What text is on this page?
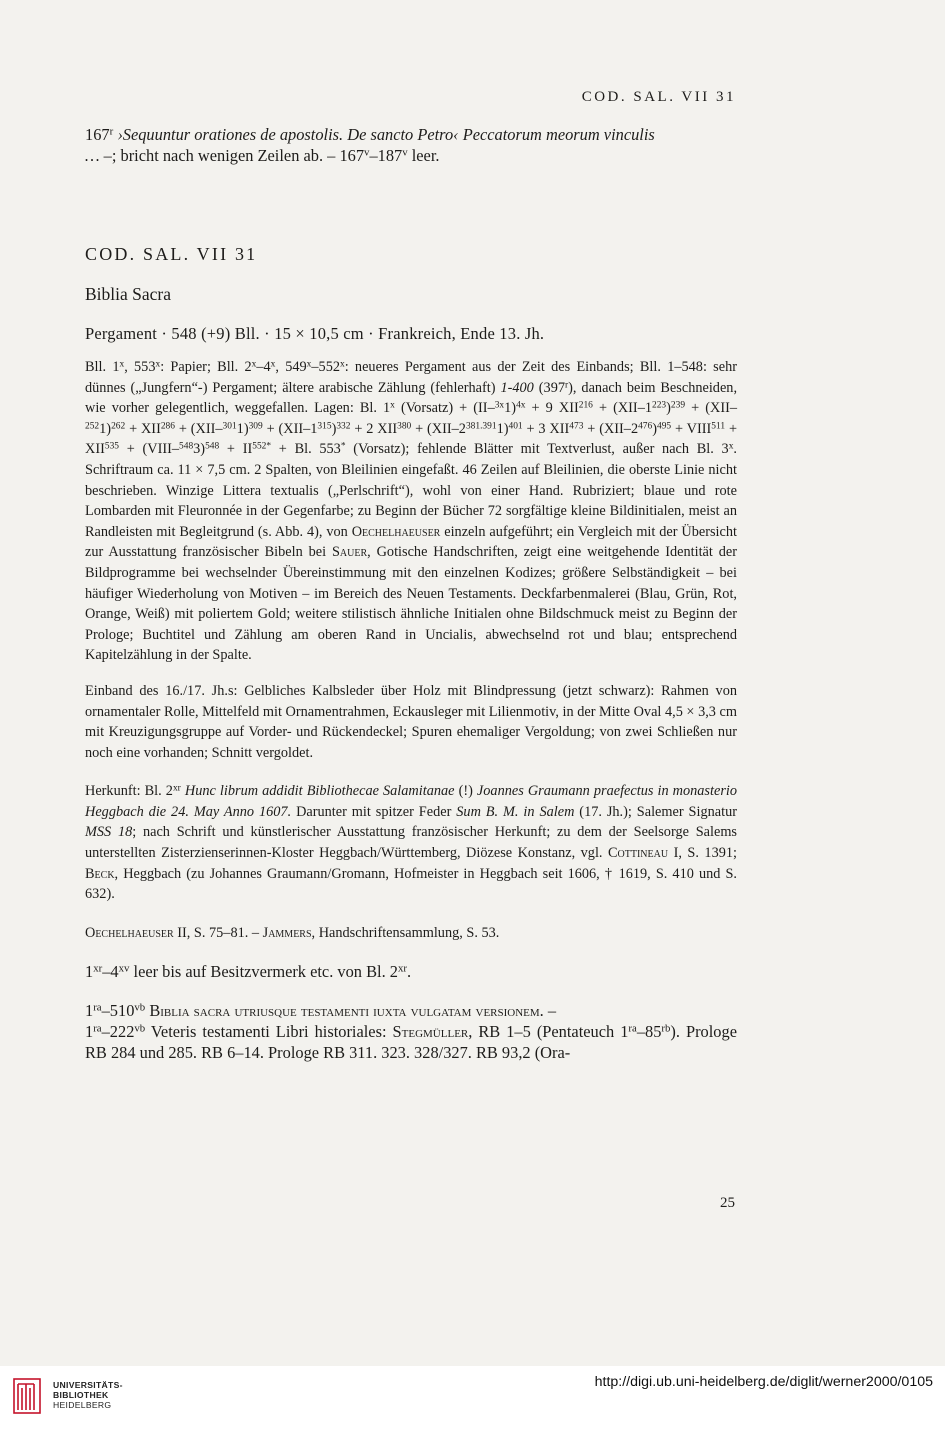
COD. SAL. VII 31

167$^r$ ›Sequuntur orationes de apostolis. De sancto Petro‹ Peccatorum meorum vinculis
… –; bricht nach wenigen Zeilen ab. – 167$^v$–187$^v$ leer.

COD. SAL. VII 31

Biblia Sacra

Pergament · 548 (+9) Bll. · 15 × 10,5 cm · Frankreich, Ende 13. Jh.

Bll. 1$^x$, 553$^x$: Papier; Bll. 2$^x$–4$^x$, 549$^x$–552$^x$: neueres Pergament aus der Zeit des Einbands; Bll. 1–548: sehr dünnes („Jungfern“-) Pergament; ältere arabische Zählung (fehlerhaft) 1-400 (397$^r$), danach beim Beschneiden, wie vorher gelegentlich, weggefallen. Lagen: Bl. 1$^x$ (Vorsatz) + $(II-^{3x}1)^{4x} + 9$ $XII^{216} + (XII-1^{223})^{239} + (XII-^{252}1)^{262} + XII^{286} + (XII-^{301}1)^{309} + (XII-1^{315})^{332} + 2$ $XII^{380} + (XII-2^{381.391}1)^{401} + 3$ $XII^{473} + (XII-2^{476})^{495}$ + $VIII^{511} + XII^{535}$ + (VIII–$^{548}$3)$^{548}$ + $II^{552*} + Bl$. 553* (Vorsatz); fehlende Blätter mit Textverlust, außer nach Bl. 3$^x$. Schriftraum ca. 11 × 7,5 cm. 2 Spalten, von Bleilinien eingefaßt. 46 Zeilen auf Bleilinien, die oberste Linie nicht beschrieben. Winzige Littera textualis („Perlschrift“), wohl von einer Hand. Rubriziert; blaue und rote Lombarden mit Fleuronnée in der Gegenfarbe; zu Beginn der Bücher 72 sorgfältige kleine Bildinitialen, meist an Randleisten mit Begleitgrund (s. Abb. 4), von Oechelhaeuser einzeln aufgeführt; ein Vergleich mit der Übersicht zur Ausstattung französischer Bibeln bei Sauer, Gotische Handschriften, zeigt eine weitgehende Identität der Bildprogramme bei wechselnder Übereinstimmung mit den einzelnen Kodizes; größere Selbständigkeit – bei häufiger Wiederholung von Motiven – im Bereich des Neuen Testaments. Deckfarbenmalerei (Blau, Grün, Rot, Orange, Weiß) mit poliertem Gold; weitere stilistisch ähnliche Initialen ohne Bildschmuck meist zu Beginn der Prologe; Buchtitel und Zählung am oberen Rand in Uncialis, abwechselnd rot und blau; entsprechend Kapitelzählung in der Spalte.

Einband des 16./17. Jh.s: Gelbliches Kalbsleder über Holz mit Blindpressung (jetzt schwarz): Rahmen von ornamentaler Rolle, Mittelfeld mit Ornamentrahmen, Eckausleger mit Lilienmotiv, in der Mitte Oval 4,5 × 3,3 cm mit Kreuzigungsgruppe auf Vorder- und Rückendeckel; Spuren ehemaliger Vergoldung; von zwei Schließen nur noch eine vorhanden; Schnitt vergoldet.

Herkunft: Bl. $2^{xr}$ Hunc librum addidit Bibliothecae Salamitanae (!) Joannes Graumann praefectus in monasterio Heggbach die 24. May Anno 1607. Darunter mit spitzer Feder Sum B. M. in Salem (17. Jh.); Salemer Signatur MSS 18; nach Schrift und künstlerischer Ausstattung französischer Herkunft; zu dem der Seelsorge Salems unterstellten Zisterzienserinnen-Kloster Heggbach/Württemberg, Diözese Konstanz, vgl. Cottineau I, S. 1391; Beck, Heggbach (zu Johannes Graumann/Gromann, Hofmeister in Heggbach seit 1606, † 1619, S. 410 und S. 632).

Oechelhaeuser II, S. 75–81. – Jammers, Handschriftensammlung, S. 53.

$1^{xr}-4^{xv}$ leer bis auf Besitzvermerk etc. von Bl. $2^{xr}$.

$1^{ra}-510^{vb}$ Biblia sacra utriusque testamenti iuxta vulgatam versionem. –
$1^{ra}-222^{vb}$ Veteris testamenti Libri historiales: Stegmüller, RB 1–5 (Pentateuch $1^{ra}-85^{rb}$). Prologe RB 284 und 285. RB 6–14. Prologe RB 311. 323. 328/327. RB 93,2 (Ora-

25
UNIVERSITÄTS-
BIBLIOTHEK
HEIDELBERG
http://digi.ub.uni-heidelberg.de/diglit/werner2000/0105
